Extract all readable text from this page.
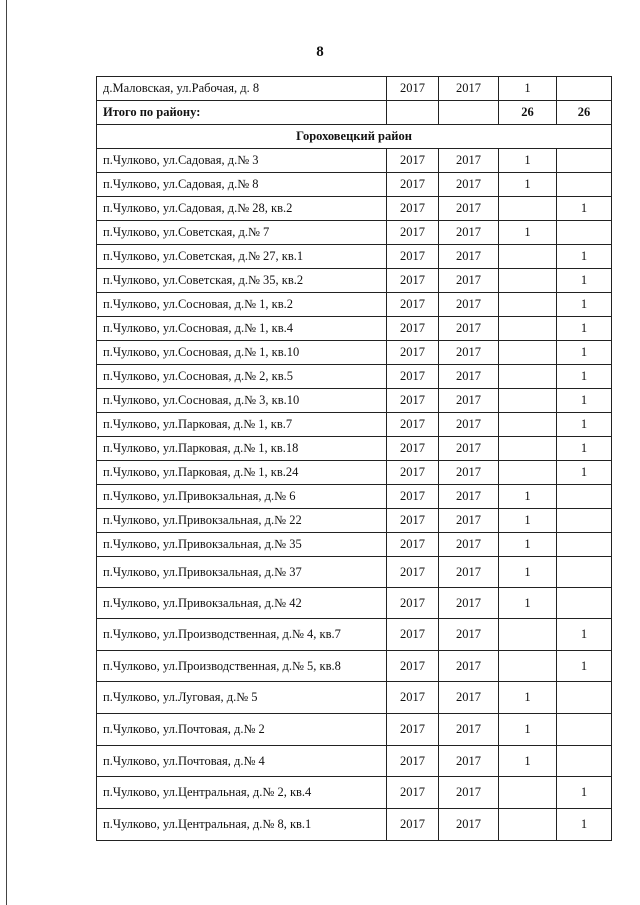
8
д.Маловская, ул.Рабочая, д. 8	2017	2017	1	
Итого по району:			26	26
Гороховецкий район				
п.Чулково, ул.Садовая, д.№ 3	2017	2017	1	
п.Чулково, ул.Садовая, д.№ 8	2017	2017	1	
п.Чулково, ул.Садовая, д.№ 28, кв.2	2017	2017		1
п.Чулково, ул.Советская, д.№ 7	2017	2017	1	
п.Чулково, ул.Советская, д.№ 27, кв.1	2017	2017		1
п.Чулково, ул.Советская, д.№ 35, кв.2	2017	2017		1
п.Чулково, ул.Сосновая, д.№ 1, кв.2	2017	2017		1
п.Чулково, ул.Сосновая, д.№ 1, кв.4	2017	2017		1
п.Чулково, ул.Сосновая, д.№ 1, кв.10	2017	2017		1
п.Чулково, ул.Сосновая, д.№ 2, кв.5	2017	2017		1
п.Чулково, ул.Сосновая, д.№ 3, кв.10	2017	2017		1
п.Чулково, ул.Парковая, д.№ 1, кв.7	2017	2017		1
п.Чулково, ул.Парковая, д.№ 1, кв.18	2017	2017		1
п.Чулково, ул.Парковая, д.№ 1, кв.24	2017	2017		1
п.Чулково, ул.Привокзальная, д.№ 6	2017	2017	1	
п.Чулково, ул.Привокзальная, д.№ 22	2017	2017	1	
п.Чулково, ул.Привокзальная, д.№ 35	2017	2017	1	
п.Чулково, ул.Привокзальная, д.№ 37	2017	2017	1	
п.Чулково, ул.Привокзальная, д.№ 42	2017	2017	1	
п.Чулково, ул.Производственная, д.№ 4, кв.7	2017	2017		1
п.Чулково, ул.Производственная, д.№ 5, кв.8	2017	2017		1
п.Чулково, ул.Луговая, д.№ 5	2017	2017	1	
п.Чулково, ул.Почтовая, д.№ 2	2017	2017	1	
п.Чулково, ул.Почтовая, д.№ 4	2017	2017	1	
п.Чулково, ул.Центральная, д.№ 2, кв.4	2017	2017		1
п.Чулково, ул.Центральная, д.№ 8, кв.1	2017	2017		1
